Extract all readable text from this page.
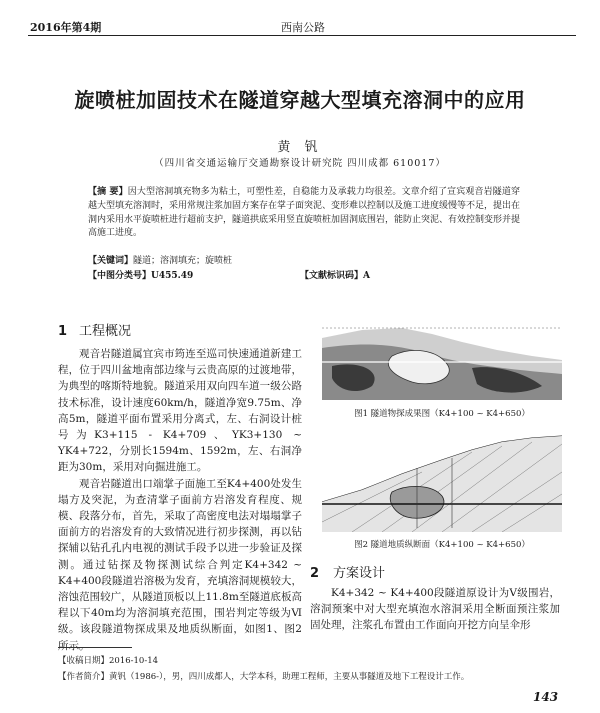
2016年第4期	西南公路
旋喷桩加固技术在隧道穿越大型填充溶洞中的应用
黄 钒
（四川省交通运输厅交通勘察设计研究院 四川成都 610017）
【摘 要】因大型溶洞填充物多为粘土，可塑性差，自稳能力及承载力均很差。文章介绍了宣宾观音岩隧道穿越大型填充溶洞时，采用常规注浆加固方案存在掌子面突泥、变形难以控制以及施工进度缓慢等不足，提出在洞内采用水平旋喷桩进行超前支护，隧道拱底采用竖直旋喷桩加固洞底围岩，能防止突泥、有效控制变形并提高施工进度。
【关键词】隧道；溶洞填充；旋喷桩
【中图分类号】U455.49	【文献标识码】A
1 工程概况

观音岩隧道属宜宾市筠连至巡司快速通道新建工程，位于四川盆地南部边缘与云贵高原的过渡地带，为典型的喀斯特地貌。隧道采用双向四车道一级公路技术标准，设计速度60km/h，隧道净宽9.75m、净高5m，隧道平面布置采用分离式，左、右洞设计桩号为K3+115 - K4+709、YK3+130 ~ YK4+722，分别长1594m、1592m，左、右洞净距为30m，采用对向掘进施工。

观音岩隧道出口端掌子面施工至K4+400处发生塌方及突泥，为查清掌子面前方岩溶发育程度、规模、段落分布，首先，采取了高密度电法对塌塌掌子面前方的岩溶发育的大致情况进行初步探测，再以钻探辅以钻孔孔内电视的测试手段予以进一步验证及探测。通过钻探及物探测试综合判定K4+342 ~ K4+400段隧道岩溶极为发育，充填溶洞规模较大，溶蚀范围较广，从隧道顶板以上11.8m至隧道底板高程以下40m均为溶洞填充范围，围岩判定等级为Ⅵ级。该段隧道物探成果及地质纵断面，如图1、图2所示。

图1 隧道物探成果图（K4+100 ~ K4+650）
图2 隧道地质纵断面（K4+100 ~ K4+650）
2 方案设计

K4+342 ~ K4+400段隧道原设计为V级围岩，溶洞预案中对大型充填泡水溶洞采用全断面预注浆加固处理，注浆孔布置由工作面向开挖方向呈伞形

【收稿日期】2016-10-14
【作者简介】黄钒（1986-），男，四川成都人，大学本科，助理工程师，主要从事隧道及地下工程设计工作。
143
